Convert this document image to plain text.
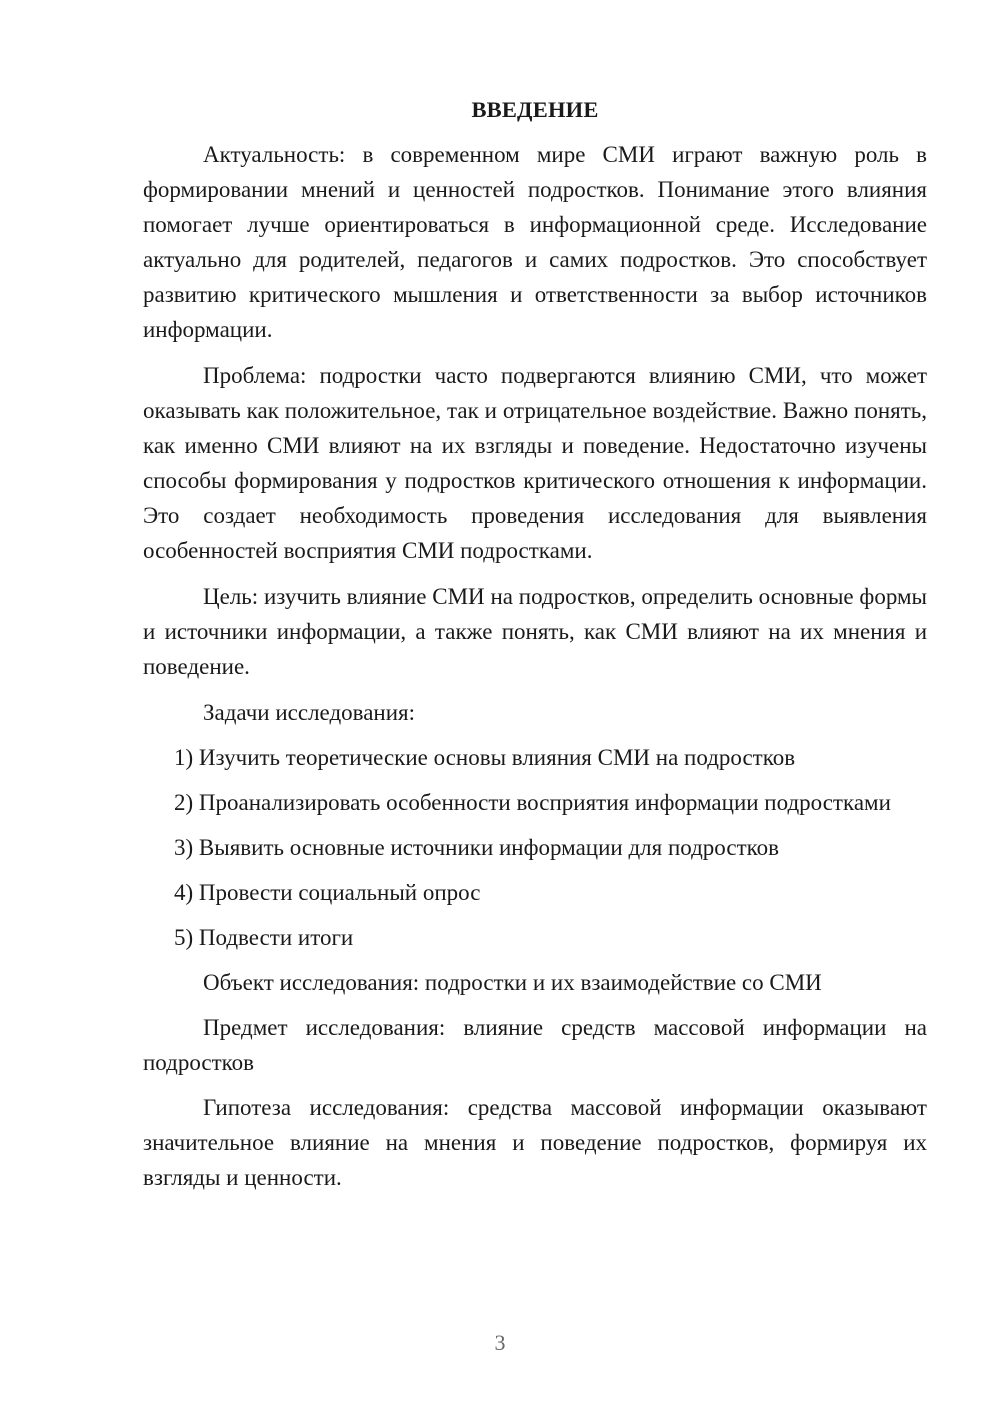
ВВЕДЕНИЕ

Актуальность: в современном мире СМИ играют важную роль в формировании мнений и ценностей подростков. Понимание этого влияния помогает лучше ориентироваться в информационной среде. Исследование актуально для родителей, педагогов и самих подростков. Это способствует развитию критического мышления и ответственности за выбор источников информации.

Проблема: подростки часто подвергаются влиянию СМИ, что может оказывать как положительное, так и отрицательное воздействие. Важно понять, как именно СМИ влияют на их взгляды и поведение. Недостаточно изучены способы формирования у подростков критического отношения к информации. Это создает необходимость проведения исследования для выявления особенностей восприятия СМИ подростками.

Цель: изучить влияние СМИ на подростков, определить основные формы и источники информации, а также понять, как СМИ влияют на их мнения и поведение.

Задачи исследования:

1) Изучить теоретические основы влияния СМИ на подростков

2) Проанализировать особенности восприятия информации подростками

3) Выявить основные источники информации для подростков

4) Провести социальный опрос

5) Подвести итоги

Объект исследования: подростки и их взаимодействие со СМИ

Предмет исследования: влияние средств массовой информации на подростков

Гипотеза исследования: средства массовой информации оказывают значительное влияние на мнения и поведение подростков, формируя их взгляды и ценности.

3
